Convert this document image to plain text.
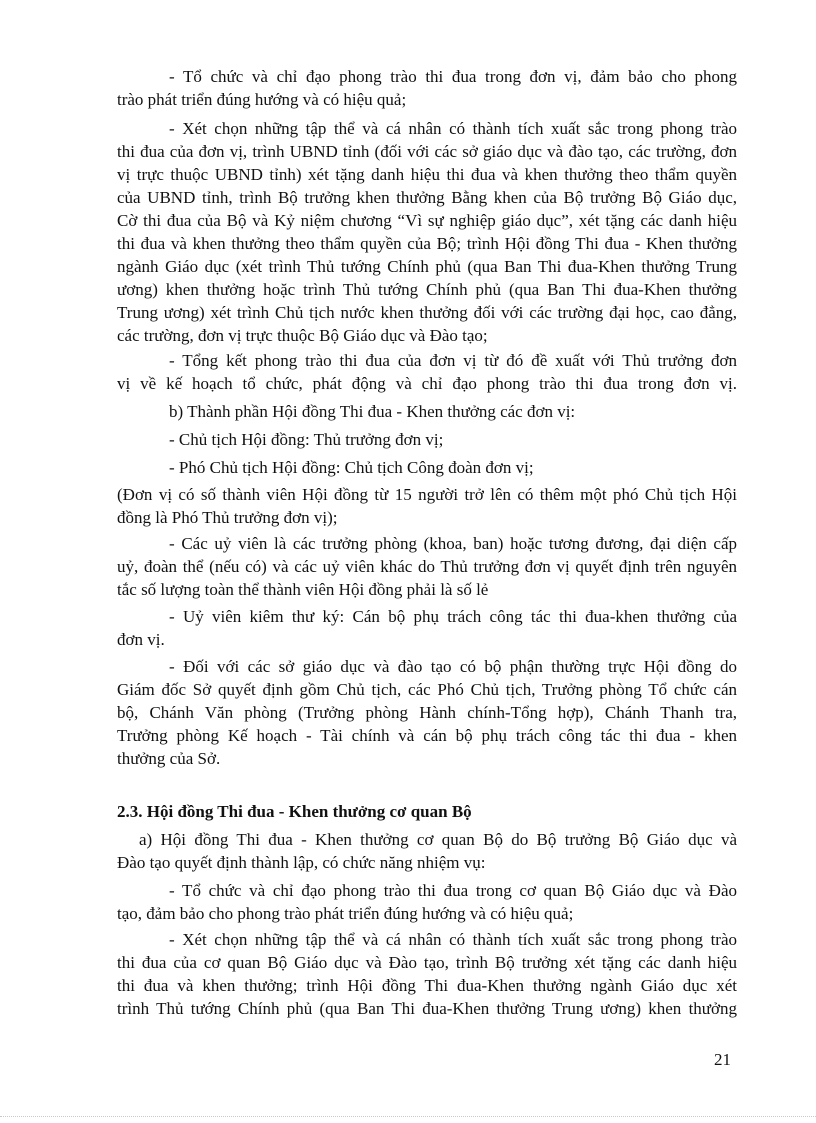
- Tổ chức và chỉ đạo phong trào thi đua trong đơn vị, đảm bảo cho phong
trào phát triển đúng hướng và có hiệu quả;
- Xét chọn những tập thể và cá nhân có thành tích xuất sắc trong phong trào
thi đua của đơn vị, trình UBND tỉnh (đối với các sở giáo dục và đào tạo, các trường, đơn
vị trực thuộc UBND tỉnh) xét tặng danh hiệu thi đua và khen thưởng theo thẩm quyền
của UBND tỉnh, trình Bộ trưởng khen thưởng Bằng khen của Bộ trưởng Bộ Giáo dục,
Cờ thi đua của Bộ và Kỷ niệm chương “Vì sự nghiệp giáo dục”, xét tặng các danh hiệu
thi đua và khen thưởng theo thẩm quyền của Bộ; trình Hội đồng Thi đua - Khen thưởng
ngành Giáo dục (xét trình Thủ tướng Chính phủ (qua Ban Thi đua-Khen thưởng Trung
ương) khen thưởng hoặc trình Thủ tướng Chính phủ (qua Ban Thi đua-Khen thưởng
Trung ương) xét trình Chủ tịch nước khen thưởng đối với các trường đại học, cao đẳng,
các trường, đơn vị trực thuộc Bộ Giáo dục và Đào tạo;
- Tổng kết phong trào thi đua của đơn vị từ đó đề xuất với Thủ trưởng đơn
vị về kế hoạch tổ chức, phát động và chỉ đạo phong trào thi đua trong đơn vị.
b) Thành phần Hội đồng Thi đua - Khen thưởng các đơn vị:
- Chủ tịch Hội đồng: Thủ trưởng đơn vị;
- Phó Chủ tịch Hội đồng: Chủ tịch Công đoàn đơn vị;
(Đơn vị có số thành viên Hội đồng từ 15 người trở lên có thêm một phó Chủ tịch Hội
đồng là Phó Thủ trưởng đơn vị);
- Các uỷ viên là các trưởng phòng (khoa, ban) hoặc tương đương, đại diện cấp
uỷ, đoàn thể (nếu có) và các uỷ viên khác do Thủ trưởng đơn vị quyết định trên nguyên
tắc số lượng toàn thể thành viên Hội đồng phải là số lẻ
- Uỷ viên kiêm thư ký: Cán bộ phụ trách công tác thi đua-khen thưởng của
đơn vị.
- Đối với các sở giáo dục và đào tạo có bộ phận thường trực Hội đồng do
Giám đốc Sở quyết định gồm Chủ tịch, các Phó Chủ tịch, Trưởng phòng Tổ chức cán
bộ, Chánh Văn phòng (Trưởng phòng Hành chính-Tổng hợp), Chánh Thanh tra,
Trưởng phòng Kế hoạch - Tài chính và cán bộ phụ trách công tác thi đua - khen
thưởng của Sở.
2.3. Hội đồng Thi đua - Khen thưởng cơ quan Bộ
a) Hội đồng Thi đua - Khen thưởng cơ quan Bộ do Bộ trưởng Bộ Giáo dục và
Đào tạo quyết định thành lập, có chức năng nhiệm vụ:
- Tổ chức và chỉ đạo phong trào thi đua trong cơ quan Bộ Giáo dục và Đào
tạo, đảm bảo cho phong trào phát triển đúng hướng và có hiệu quả;
- Xét chọn những tập thể và cá nhân có thành tích xuất sắc trong phong trào
thi đua của cơ quan Bộ Giáo dục và Đào tạo, trình Bộ trưởng xét tặng các danh hiệu
thi đua và khen thưởng; trình Hội đồng Thi đua-Khen thưởng ngành Giáo dục xét
trình Thủ tướng Chính phủ (qua Ban Thi đua-Khen thưởng Trung ương) khen thưởng
21
